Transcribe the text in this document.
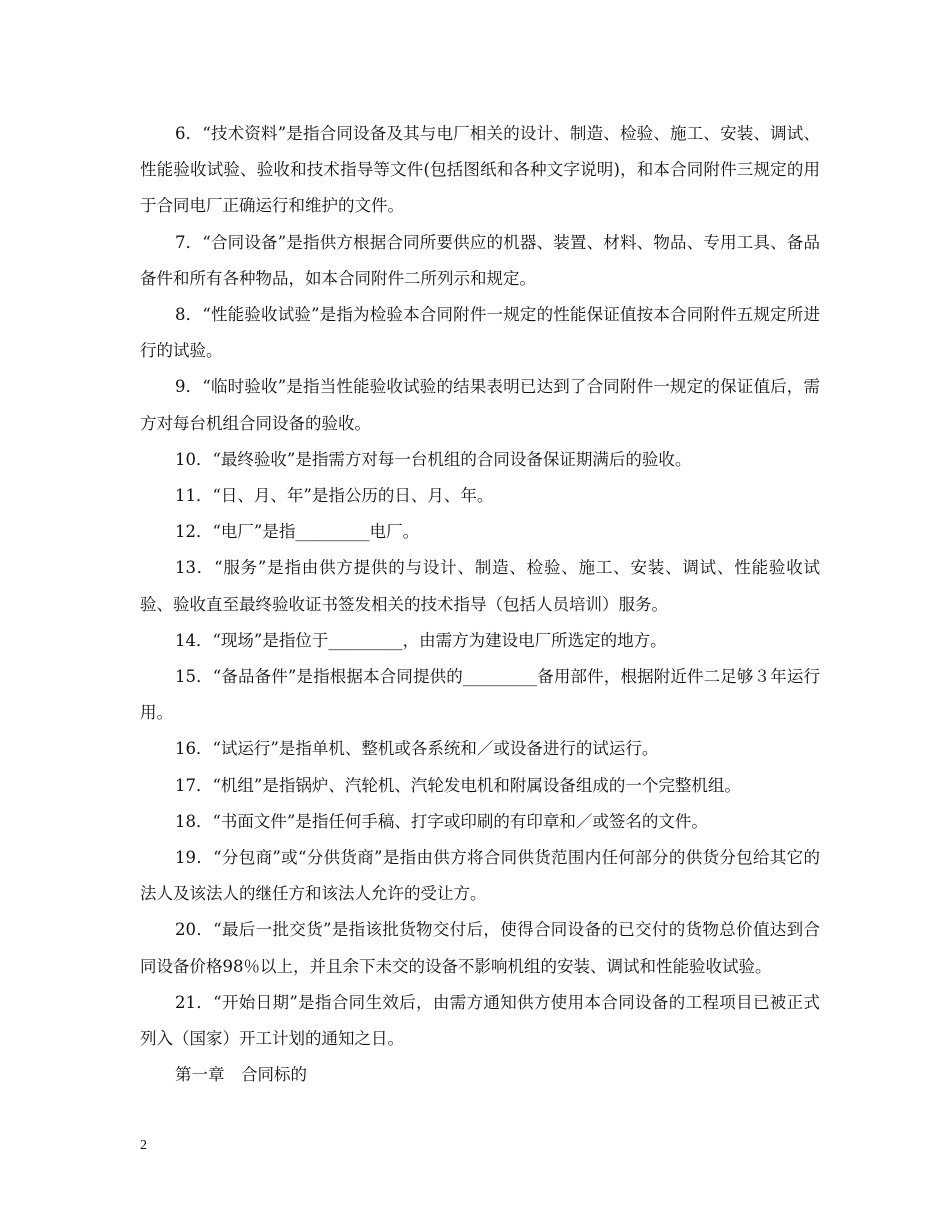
6．“技术资料”是指合同设备及其与电厂相关的设计、制造、检验、施工、安装、调试、性能验收试验、验收和技术指导等文件(包括图纸和各种文字说明)，和本合同附件三规定的用于合同电厂正确运行和维护的文件。

7．“合同设备”是指供方根据合同所要供应的机器、装置、材料、物品、专用工具、备品备件和所有各种物品，如本合同附件二所列示和规定。

8．“性能验收试验”是指为检验本合同附件一规定的性能保证值按本合同附件五规定所进行的试验。

9．“临时验收”是指当性能验收试验的结果表明已达到了合同附件一规定的保证值后，需方对每台机组合同设备的验收。

10．“最终验收”是指需方对每一台机组的合同设备保证期满后的验收。

11．“日、月、年”是指公历的日、月、年。

12．“电厂”是指_________电厂。

13．“服务”是指由供方提供的与设计、制造、检验、施工、安装、调试、性能验收试验、验收直至最终验收证书签发相关的技术指导（包括人员培训）服务。

14．“现场”是指位于_________，由需方为建设电厂所选定的地方。

15．“备品备件”是指根据本合同提供的_________备用部件，根据附近件二足够３年运行用。

16．“试运行”是指单机、整机或各系统和／或设备进行的试运行。

17．“机组”是指锅炉、汽轮机、汽轮发电机和附属设备组成的一个完整机组。

18．“书面文件”是指任何手稿、打字或印刷的有印章和／或签名的文件。

19．“分包商”或“分供货商”是指由供方将合同供货范围内任何部分的供货分包给其它的法人及该法人的继任方和该法人允许的受让方。

20．“最后一批交货”是指该批货物交付后，使得合同设备的已交付的货物总价值达到合同设备价格98％以上，并且余下未交的设备不影响机组的安装、调试和性能验收试验。

21．“开始日期”是指合同生效后，由需方通知供方使用本合同设备的工程项目已被正式列入（国家）开工计划的通知之日。

第一章　合同标的

2
